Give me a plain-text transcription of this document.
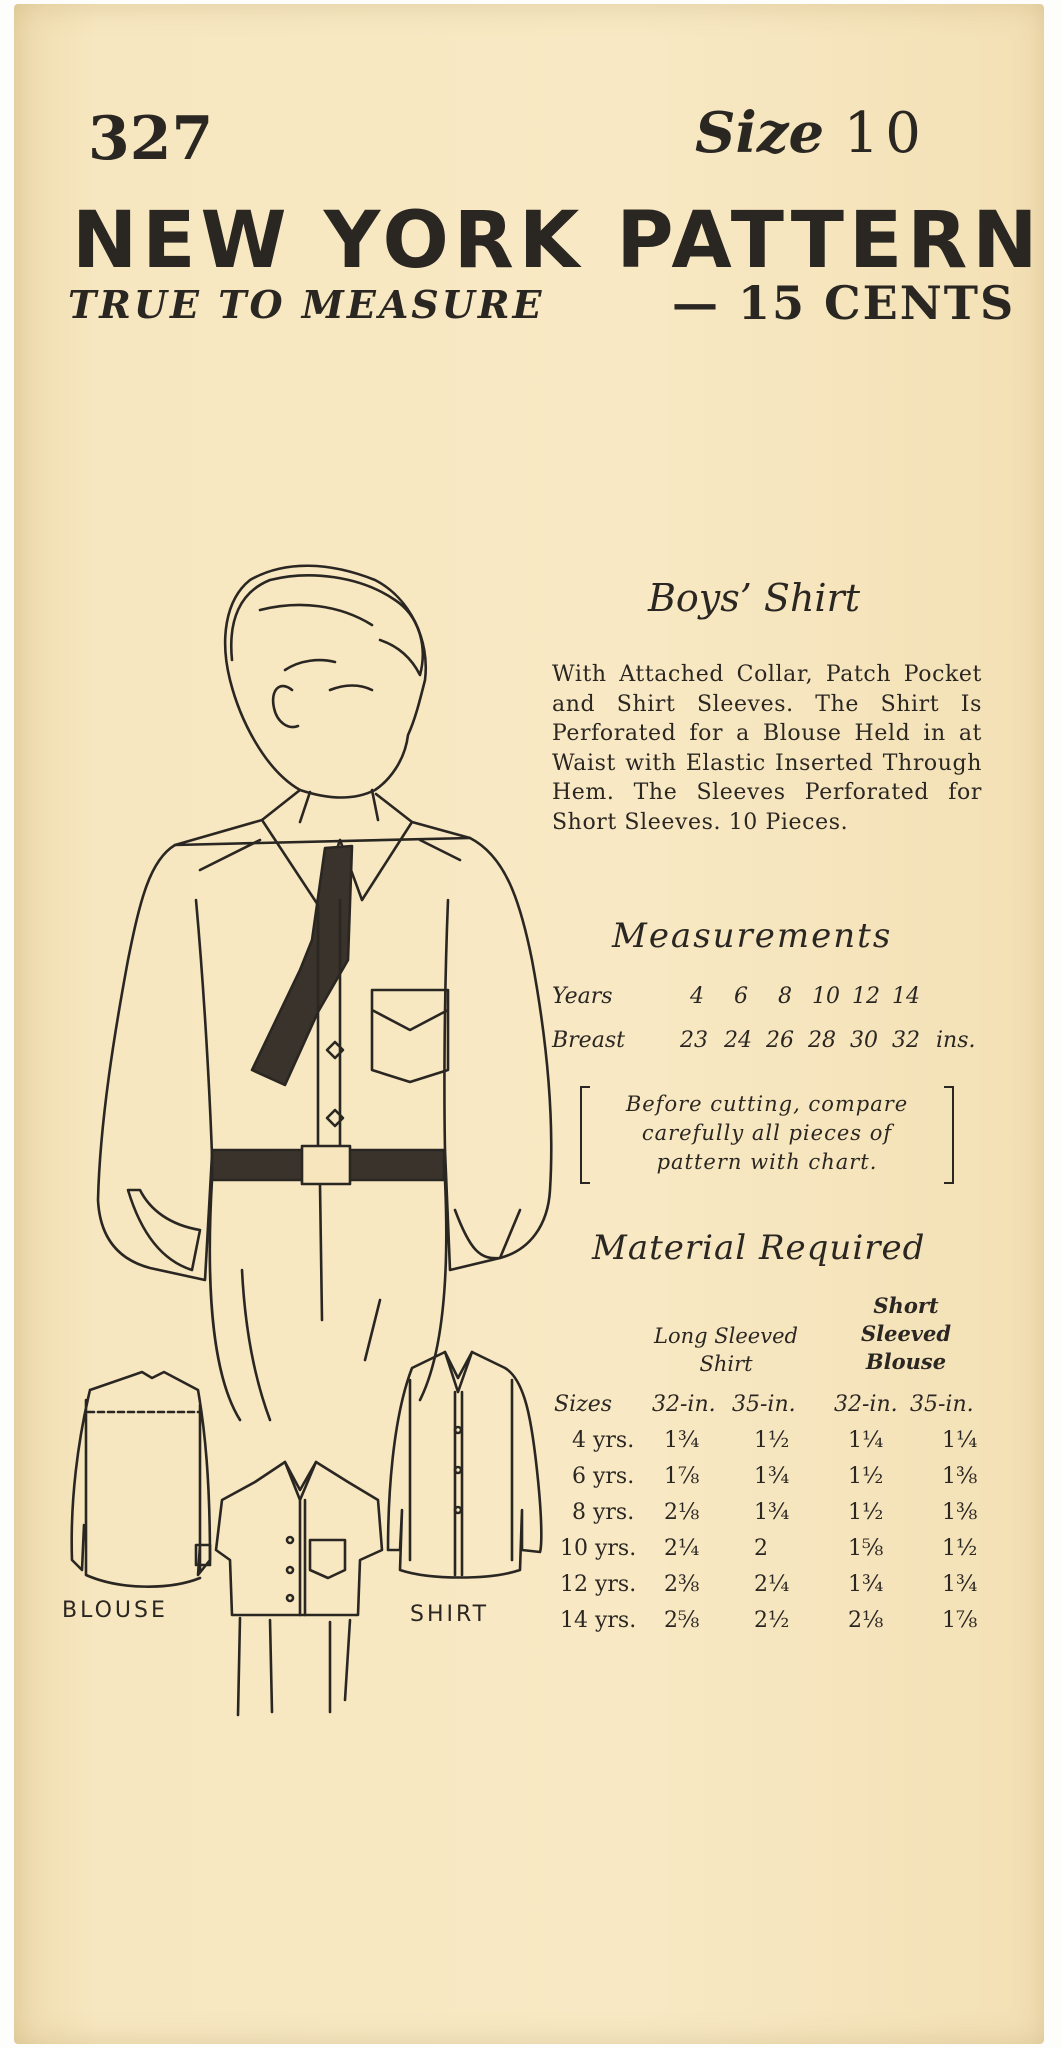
327	Size 10
NEW YORK PATTERN
TRUE TO MEASURE	— 15 CENTS
BLOUSE	SHIRT
Boys’ Shirt
With Attached Collar, Patch Pocket and Shirt Sleeves. The Shirt Is Perforated for a Blouse Held in at Waist with Elastic Inserted Through Hem. The Sleeves Perforated for Short Sleeves. 10 Pieces.
Measurements
Years	4 6 8 10 12 14
Breast	23 24 26 28 30 32 ins.
Before cutting, compare
carefully all pieces of
pattern with chart.
Material Required
Long Sleeved
Shirt
Short
Sleeved
Blouse
Sizes 32-in. 35-in. 32-in. 35-in.
4 yrs. 1¾ 1½	1¼	1¼
6 yrs. 1⅞ 1¾	1½	1⅜
8 yrs. 2⅛ 1¾	1½	1⅜
10 yrs. 2¼ 2	1⅝	1½
12 yrs. 2⅜ 2¼	1¾	1¾
14 yrs. 2⅝ 2½	2⅛	1⅞
